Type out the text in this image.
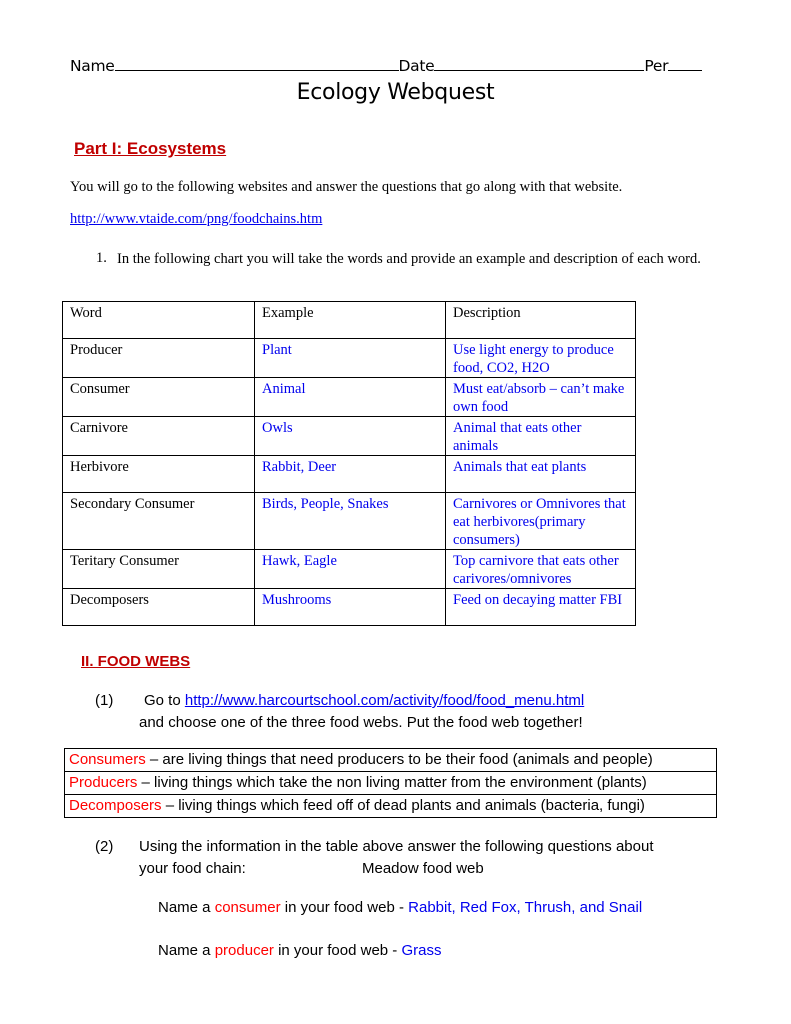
Name	Date	Per
Ecology Webquest
Part I: Ecosystems
You will go to the following websites and answer the questions that go along with that website.
http://www.vtaide.com/png/foodchains.htm
1. In the following chart you will take the words and provide an example and description of each word.
Word	Example	Description
Producer	Plant	Use light energy to produce food, CO2, H2O
Consumer	Animal	Must eat/absorb – can’t make own food
Carnivore	Owls	Animal that eats other animals
Herbivore	Rabbit, Deer	Animals that eat plants
Secondary Consumer	Birds, People, Snakes	Carnivores or Omnivores that eat herbivores(primary consumers)
Teritary Consumer	Hawk, Eagle	Top carnivore that eats other carivores/omnivores
Decomposers	Mushrooms	Feed on decaying matter FBI
II. FOOD WEBS
(1) Go to http://www.harcourtschool.com/activity/food/food_menu.html
and choose one of the three food webs. Put the food web together!
Consumers – are living things that need producers to be their food (animals and people)
Producers – living things which take the non living matter from the environment (plants)
Decomposers – living things which feed off of dead plants and animals (bacteria, fungi)
(2) Using the information in the table above answer the following questions about
your food chain:	Meadow food web
Name a consumer in your food web - Rabbit, Red Fox, Thrush, and Snail
Name a producer in your food web - Grass
